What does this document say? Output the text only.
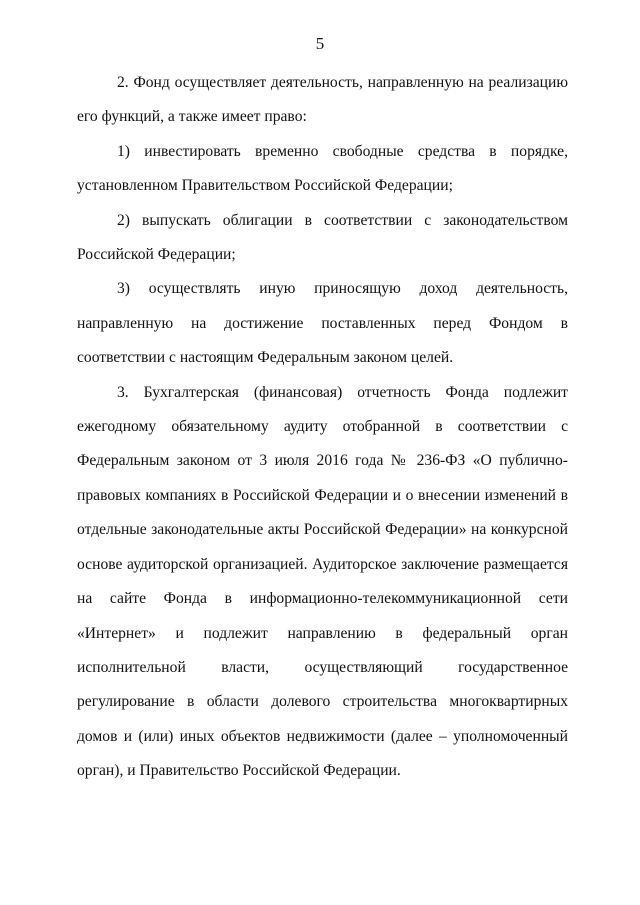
5

2. Фонд осуществляет деятельность, направленную на реализацию его функций, а также имеет право:

1) инвестировать временно свободные средства в порядке, установленном Правительством Российской Федерации;

2) выпускать облигации в соответствии с законодательством Российской Федерации;

3) осуществлять иную приносящую доход деятельность, направленную на достижение поставленных перед Фондом в соответствии с настоящим Федеральным законом целей.

3. Бухгалтерская (финансовая) отчетность Фонда подлежит ежегодному обязательному аудиту отобранной в соответствии с Федеральным законом от 3 июля 2016 года № 236-ФЗ «О публично-правовых компаниях в Российской Федерации и о внесении изменений в отдельные законодательные акты Российской Федерации» на конкурсной основе аудиторской организацией. Аудиторское заключение размещается на сайте Фонда в информационно-телекоммуникационной сети «Интернет» и подлежит направлению в федеральный орган исполнительной власти, осуществляющий государственное регулирование в области долевого строительства многоквартирных домов и (или) иных объектов недвижимости (далее – уполномоченный орган), и Правительство Российской Федерации.
